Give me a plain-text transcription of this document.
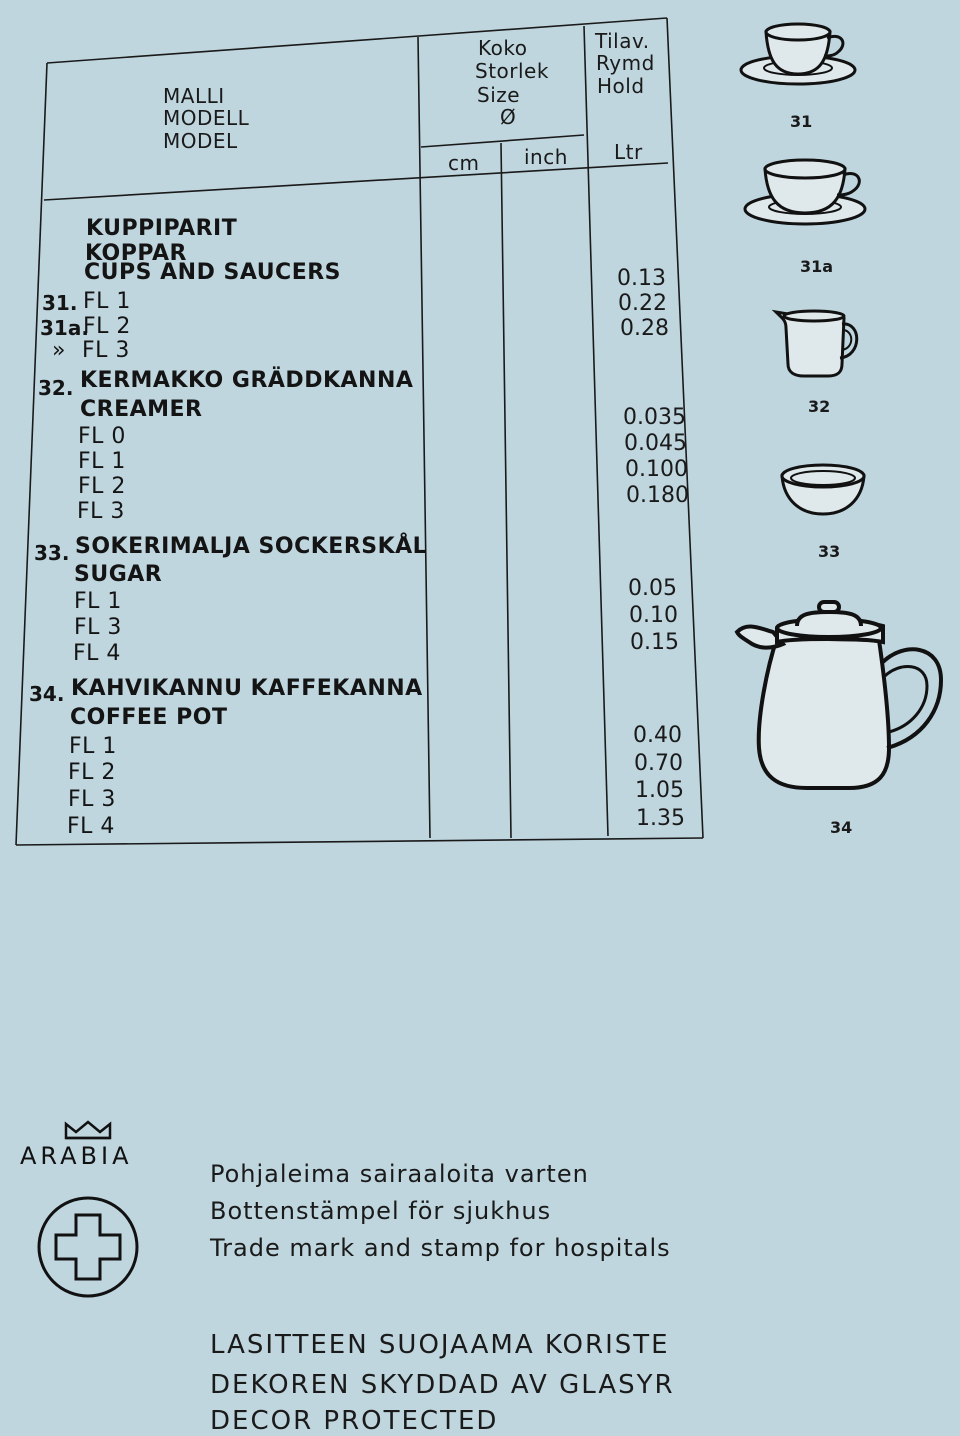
MALLI
MODELL
MODEL
Koko
Storlek
Size
Ø
Tilav.
Rymd
Hold
cm inch Ltr
KUPPIPARIT
KOPPAR
CUPS AND SAUCERS
31. FL 1
31a.
FL 2
» FL 3
0.13
0.22
0.28
32. KERMAKKO GRÄDDKANNA
CREAMER
FL 0
FL 1
FL 2
FL 3
0.035
0.045
0.100
0.180
33. SOKERIMALJA SOCKERSKÅL
SUGAR
FL 1
FL 3
FL 4
0.05
0.10
0.15
34. KAHVIKANNU KAFFEKANNA
COFFEE POT
FL 1
FL 2
FL 3
FL 4
0.40
0.70
1.05
1.35
31
31a
32
33
34
ARABIA
Pohjaleima sairaaloita varten
Bottenstämpel för sjukhus
Trade mark and stamp for hospitals
LASITTEEN SUOJAAMA KORISTE
DEKOREN SKYDDAD AV GLASYR
DECOR PROTECTED
